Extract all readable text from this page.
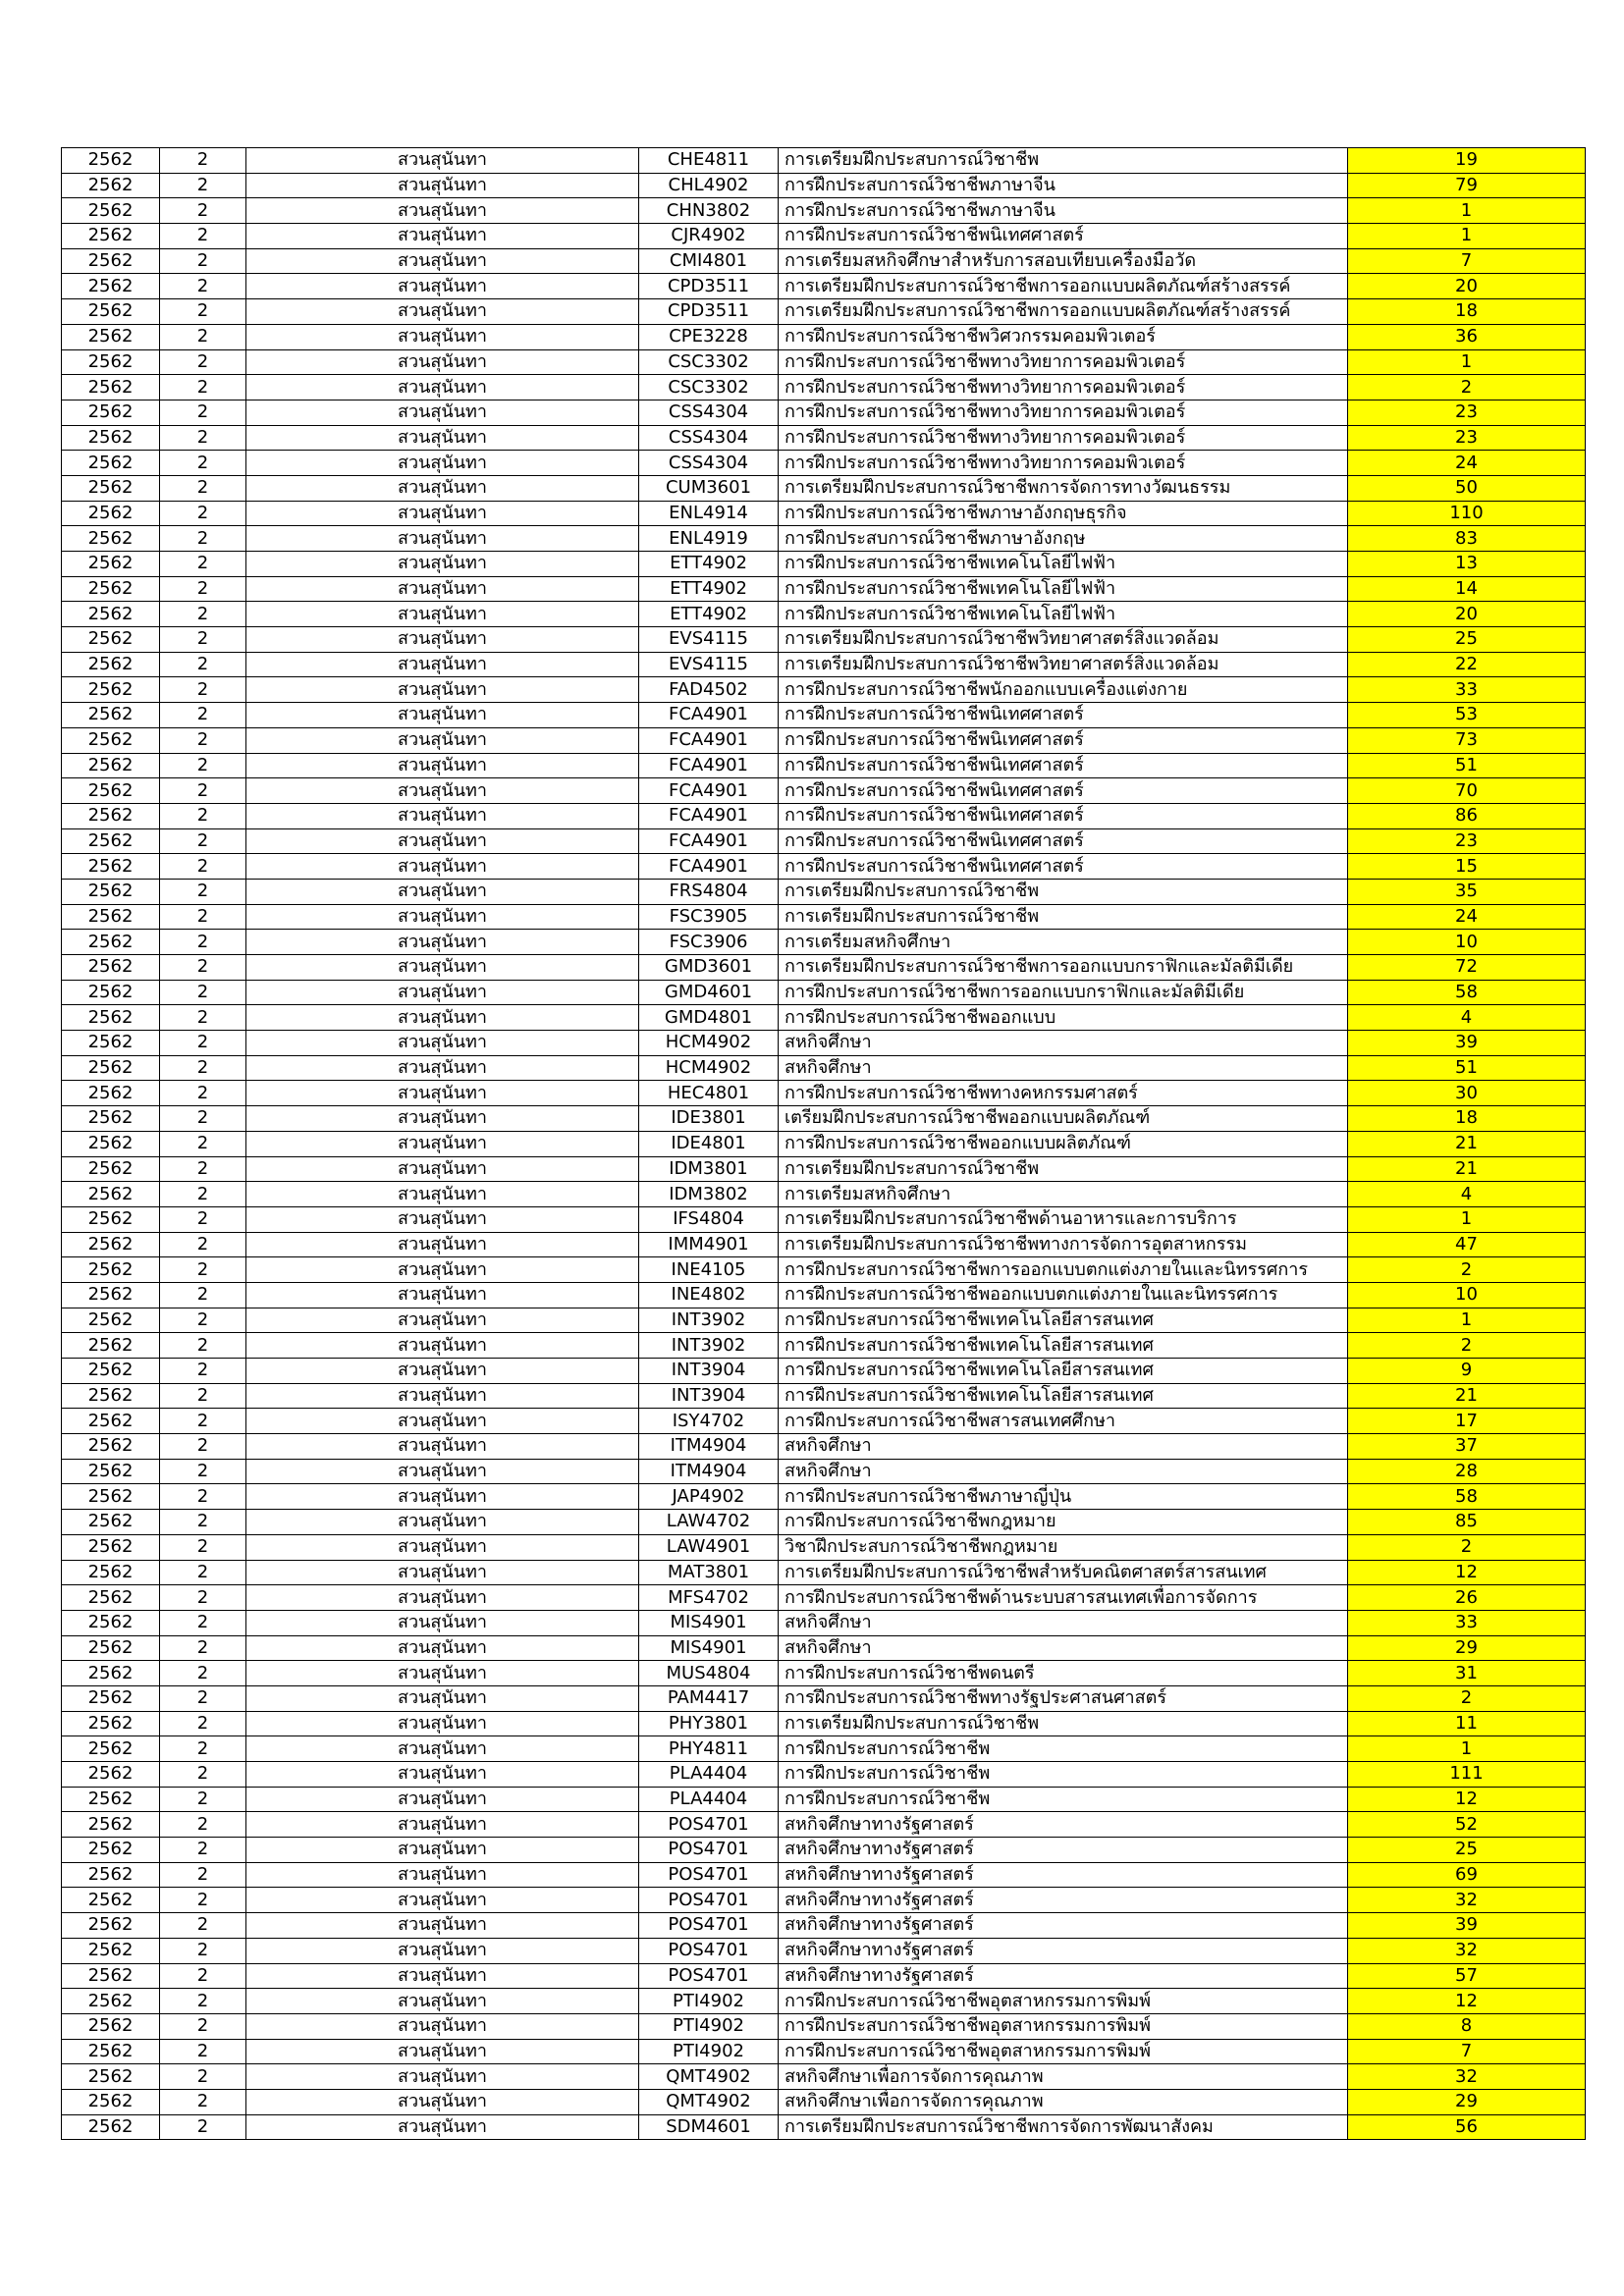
2562	2	สวนสุนันทา	CHE4811	การเตรียมฝึกประสบการณ์วิชาชีพ	19
2562	2	สวนสุนันทา	CHL4902	การฝึกประสบการณ์วิชาชีพภาษาจีน	79
2562	2	สวนสุนันทา	CHN3802	การฝึกประสบการณ์วิชาชีพภาษาจีน	1
2562	2	สวนสุนันทา	CJR4902	การฝึกประสบการณ์วิชาชีพนิเทศศาสตร์	1
2562	2	สวนสุนันทา	CMI4801	การเตรียมสหกิจศึกษาสำหรับการสอบเทียบเครื่องมือวัด	7
2562	2	สวนสุนันทา	CPD3511	การเตรียมฝึกประสบการณ์วิชาชีพการออกแบบผลิตภัณฑ์สร้างสรรค์	20
2562	2	สวนสุนันทา	CPD3511	การเตรียมฝึกประสบการณ์วิชาชีพการออกแบบผลิตภัณฑ์สร้างสรรค์	18
2562	2	สวนสุนันทา	CPE3228	การฝึกประสบการณ์วิชาชีพวิศวกรรมคอมพิวเตอร์	36
2562	2	สวนสุนันทา	CSC3302	การฝึกประสบการณ์วิชาชีพทางวิทยาการคอมพิวเตอร์	1
2562	2	สวนสุนันทา	CSC3302	การฝึกประสบการณ์วิชาชีพทางวิทยาการคอมพิวเตอร์	2
2562	2	สวนสุนันทา	CSS4304	การฝึกประสบการณ์วิชาชีพทางวิทยาการคอมพิวเตอร์	23
2562	2	สวนสุนันทา	CSS4304	การฝึกประสบการณ์วิชาชีพทางวิทยาการคอมพิวเตอร์	23
2562	2	สวนสุนันทา	CSS4304	การฝึกประสบการณ์วิชาชีพทางวิทยาการคอมพิวเตอร์	24
2562	2	สวนสุนันทา	CUM3601	การเตรียมฝึกประสบการณ์วิชาชีพการจัดการทางวัฒนธรรม	50
2562	2	สวนสุนันทา	ENL4914	การฝึกประสบการณ์วิชาชีพภาษาอังกฤษธุรกิจ	110
2562	2	สวนสุนันทา	ENL4919	การฝึกประสบการณ์วิชาชีพภาษาอังกฤษ	83
2562	2	สวนสุนันทา	ETT4902	การฝึกประสบการณ์วิชาชีพเทคโนโลยีไฟฟ้า	13
2562	2	สวนสุนันทา	ETT4902	การฝึกประสบการณ์วิชาชีพเทคโนโลยีไฟฟ้า	14
2562	2	สวนสุนันทา	ETT4902	การฝึกประสบการณ์วิชาชีพเทคโนโลยีไฟฟ้า	20
2562	2	สวนสุนันทา	EVS4115	การเตรียมฝึกประสบการณ์วิชาชีพวิทยาศาสตร์สิ่งแวดล้อม	25
2562	2	สวนสุนันทา	EVS4115	การเตรียมฝึกประสบการณ์วิชาชีพวิทยาศาสตร์สิ่งแวดล้อม	22
2562	2	สวนสุนันทา	FAD4502	การฝึกประสบการณ์วิชาชีพนักออกแบบเครื่องแต่งกาย	33
2562	2	สวนสุนันทา	FCA4901	การฝึกประสบการณ์วิชาชีพนิเทศศาสตร์	53
2562	2	สวนสุนันทา	FCA4901	การฝึกประสบการณ์วิชาชีพนิเทศศาสตร์	73
2562	2	สวนสุนันทา	FCA4901	การฝึกประสบการณ์วิชาชีพนิเทศศาสตร์	51
2562	2	สวนสุนันทา	FCA4901	การฝึกประสบการณ์วิชาชีพนิเทศศาสตร์	70
2562	2	สวนสุนันทา	FCA4901	การฝึกประสบการณ์วิชาชีพนิเทศศาสตร์	86
2562	2	สวนสุนันทา	FCA4901	การฝึกประสบการณ์วิชาชีพนิเทศศาสตร์	23
2562	2	สวนสุนันทา	FCA4901	การฝึกประสบการณ์วิชาชีพนิเทศศาสตร์	15
2562	2	สวนสุนันทา	FRS4804	การเตรียมฝึกประสบการณ์วิชาชีพ	35
2562	2	สวนสุนันทา	FSC3905	การเตรียมฝึกประสบการณ์วิชาชีพ	24
2562	2	สวนสุนันทา	FSC3906	การเตรียมสหกิจศึกษา	10
2562	2	สวนสุนันทา	GMD3601	การเตรียมฝึกประสบการณ์วิชาชีพการออกแบบกราฟิกและมัลติมีเดีย	72
2562	2	สวนสุนันทา	GMD4601	การฝึกประสบการณ์วิชาชีพการออกแบบกราฟิกและมัลติมีเดีย	58
2562	2	สวนสุนันทา	GMD4801	การฝึกประสบการณ์วิชาชีพออกแบบ	4
2562	2	สวนสุนันทา	HCM4902	สหกิจศึกษา	39
2562	2	สวนสุนันทา	HCM4902	สหกิจศึกษา	51
2562	2	สวนสุนันทา	HEC4801	การฝึกประสบการณ์วิชาชีพทางคหกรรมศาสตร์	30
2562	2	สวนสุนันทา	IDE3801	เตรียมฝึกประสบการณ์วิชาชีพออกแบบผลิตภัณฑ์	18
2562	2	สวนสุนันทา	IDE4801	การฝึกประสบการณ์วิชาชีพออกแบบผลิตภัณฑ์	21
2562	2	สวนสุนันทา	IDM3801	การเตรียมฝึกประสบการณ์วิชาชีพ	21
2562	2	สวนสุนันทา	IDM3802	การเตรียมสหกิจศึกษา	4
2562	2	สวนสุนันทา	IFS4804	การเตรียมฝึกประสบการณ์วิชาชีพด้านอาหารและการบริการ	1
2562	2	สวนสุนันทา	IMM4901	การเตรียมฝึกประสบการณ์วิชาชีพทางการจัดการอุตสาหกรรม	47
2562	2	สวนสุนันทา	INE4105	การฝึกประสบการณ์วิชาชีพการออกแบบตกแต่งภายในและนิทรรศการ	2
2562	2	สวนสุนันทา	INE4802	การฝึกประสบการณ์วิชาชีพออกแบบตกแต่งภายในและนิทรรศการ	10
2562	2	สวนสุนันทา	INT3902	การฝึกประสบการณ์วิชาชีพเทคโนโลยีสารสนเทศ	1
2562	2	สวนสุนันทา	INT3902	การฝึกประสบการณ์วิชาชีพเทคโนโลยีสารสนเทศ	2
2562	2	สวนสุนันทา	INT3904	การฝึกประสบการณ์วิชาชีพเทคโนโลยีสารสนเทศ	9
2562	2	สวนสุนันทา	INT3904	การฝึกประสบการณ์วิชาชีพเทคโนโลยีสารสนเทศ	21
2562	2	สวนสุนันทา	ISY4702	การฝึกประสบการณ์วิชาชีพสารสนเทศศึกษา	17
2562	2	สวนสุนันทา	ITM4904	สหกิจศึกษา	37
2562	2	สวนสุนันทา	ITM4904	สหกิจศึกษา	28
2562	2	สวนสุนันทา	JAP4902	การฝึกประสบการณ์วิชาชีพภาษาญี่ปุ่น	58
2562	2	สวนสุนันทา	LAW4702	การฝึกประสบการณ์วิชาชีพกฎหมาย	85
2562	2	สวนสุนันทา	LAW4901	วิชาฝึกประสบการณ์วิชาชีพกฎหมาย	2
2562	2	สวนสุนันทา	MAT3801	การเตรียมฝึกประสบการณ์วิชาชีพสำหรับคณิตศาสตร์สารสนเทศ	12
2562	2	สวนสุนันทา	MFS4702	การฝึกประสบการณ์วิชาชีพด้านระบบสารสนเทศเพื่อการจัดการ	26
2562	2	สวนสุนันทา	MIS4901	สหกิจศึกษา	33
2562	2	สวนสุนันทา	MIS4901	สหกิจศึกษา	29
2562	2	สวนสุนันทา	MUS4804	การฝึกประสบการณ์วิชาชีพดนตรี	31
2562	2	สวนสุนันทา	PAM4417	การฝึกประสบการณ์วิชาชีพทางรัฐประศาสนศาสตร์	2
2562	2	สวนสุนันทา	PHY3801	การเตรียมฝึกประสบการณ์วิชาชีพ	11
2562	2	สวนสุนันทา	PHY4811	การฝึกประสบการณ์วิชาชีพ	1
2562	2	สวนสุนันทา	PLA4404	การฝึกประสบการณ์วิชาชีพ	111
2562	2	สวนสุนันทา	PLA4404	การฝึกประสบการณ์วิชาชีพ	12
2562	2	สวนสุนันทา	POS4701	สหกิจศึกษาทางรัฐศาสตร์	52
2562	2	สวนสุนันทา	POS4701	สหกิจศึกษาทางรัฐศาสตร์	25
2562	2	สวนสุนันทา	POS4701	สหกิจศึกษาทางรัฐศาสตร์	69
2562	2	สวนสุนันทา	POS4701	สหกิจศึกษาทางรัฐศาสตร์	32
2562	2	สวนสุนันทา	POS4701	สหกิจศึกษาทางรัฐศาสตร์	39
2562	2	สวนสุนันทา	POS4701	สหกิจศึกษาทางรัฐศาสตร์	32
2562	2	สวนสุนันทา	POS4701	สหกิจศึกษาทางรัฐศาสตร์	57
2562	2	สวนสุนันทา	PTI4902	การฝึกประสบการณ์วิชาชีพอุตสาหกรรมการพิมพ์	12
2562	2	สวนสุนันทา	PTI4902	การฝึกประสบการณ์วิชาชีพอุตสาหกรรมการพิมพ์	8
2562	2	สวนสุนันทา	PTI4902	การฝึกประสบการณ์วิชาชีพอุตสาหกรรมการพิมพ์	7
2562	2	สวนสุนันทา	QMT4902	สหกิจศึกษาเพื่อการจัดการคุณภาพ	32
2562	2	สวนสุนันทา	QMT4902	สหกิจศึกษาเพื่อการจัดการคุณภาพ	29
2562	2	สวนสุนันทา	SDM4601	การเตรียมฝึกประสบการณ์วิชาชีพการจัดการพัฒนาสังคม	56
